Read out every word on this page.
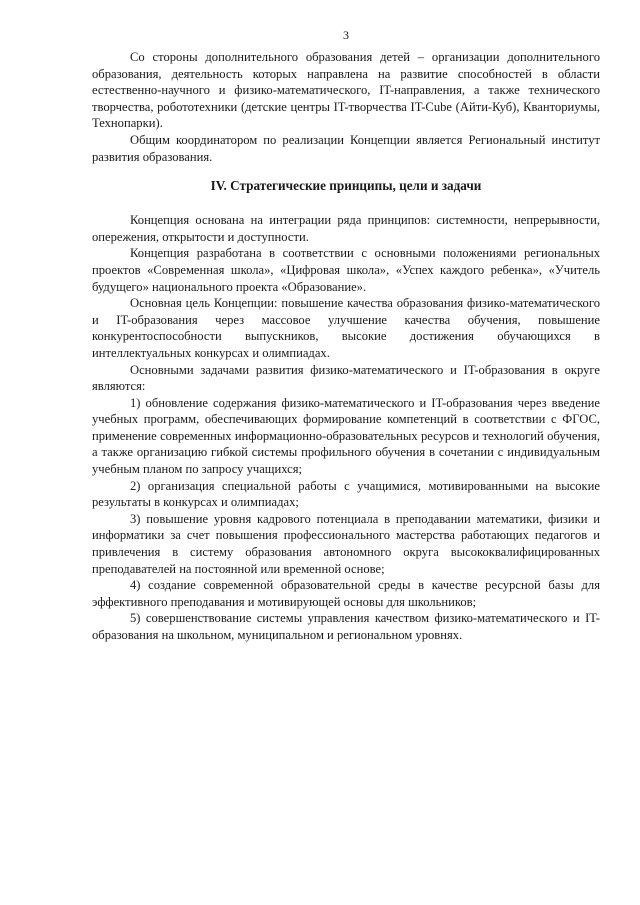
3

Со стороны дополнительного образования детей – организации дополнительного образования, деятельность которых направлена на развитие способностей в области естественно-научного и физико-математического, IT-направления, а также технического творчества, робототехники (детские центры IT-творчества IT-Cube (Айти-Куб), Кванториумы, Технопарки).

Общим координатором по реализации Концепции является Региональный институт развития образования.

IV. Стратегические принципы, цели и задачи

Концепция основана на интеграции ряда принципов: системности, непрерывности, опережения, открытости и доступности.

Концепция разработана в соответствии с основными положениями региональных проектов «Современная школа», «Цифровая школа», «Успех каждого ребенка», «Учитель будущего» национального проекта «Образование».

Основная цель Концепции: повышение качества образования физико-математического и IT-образования через массовое улучшение качества обучения, повышение конкурентоспособности выпускников, высокие достижения обучающихся в интеллектуальных конкурсах и олимпиадах.

Основными задачами развития физико-математического и IT-образования в округе являются:

1) обновление содержания физико-математического и IT-образования через введение учебных программ, обеспечивающих формирование компетенций в соответствии с ФГОС, применение современных информационно-образовательных ресурсов и технологий обучения, а также организацию гибкой системы профильного обучения в сочетании с индивидуальным учебным планом по запросу учащихся;

2) организация специальной работы с учащимися, мотивированными на высокие результаты в конкурсах и олимпиадах;

3) повышение уровня кадрового потенциала в преподавании математики, физики и информатики за счет повышения профессионального мастерства работающих педагогов и привлечения в систему образования автономного округа высококвалифицированных преподавателей на постоянной или временной основе;

4) создание современной образовательной среды в качестве ресурсной базы для эффективного преподавания и мотивирующей основы для школьников;

5) совершенствование системы управления качеством физико-математического и IT-образования на школьном, муниципальном и региональном уровнях.
